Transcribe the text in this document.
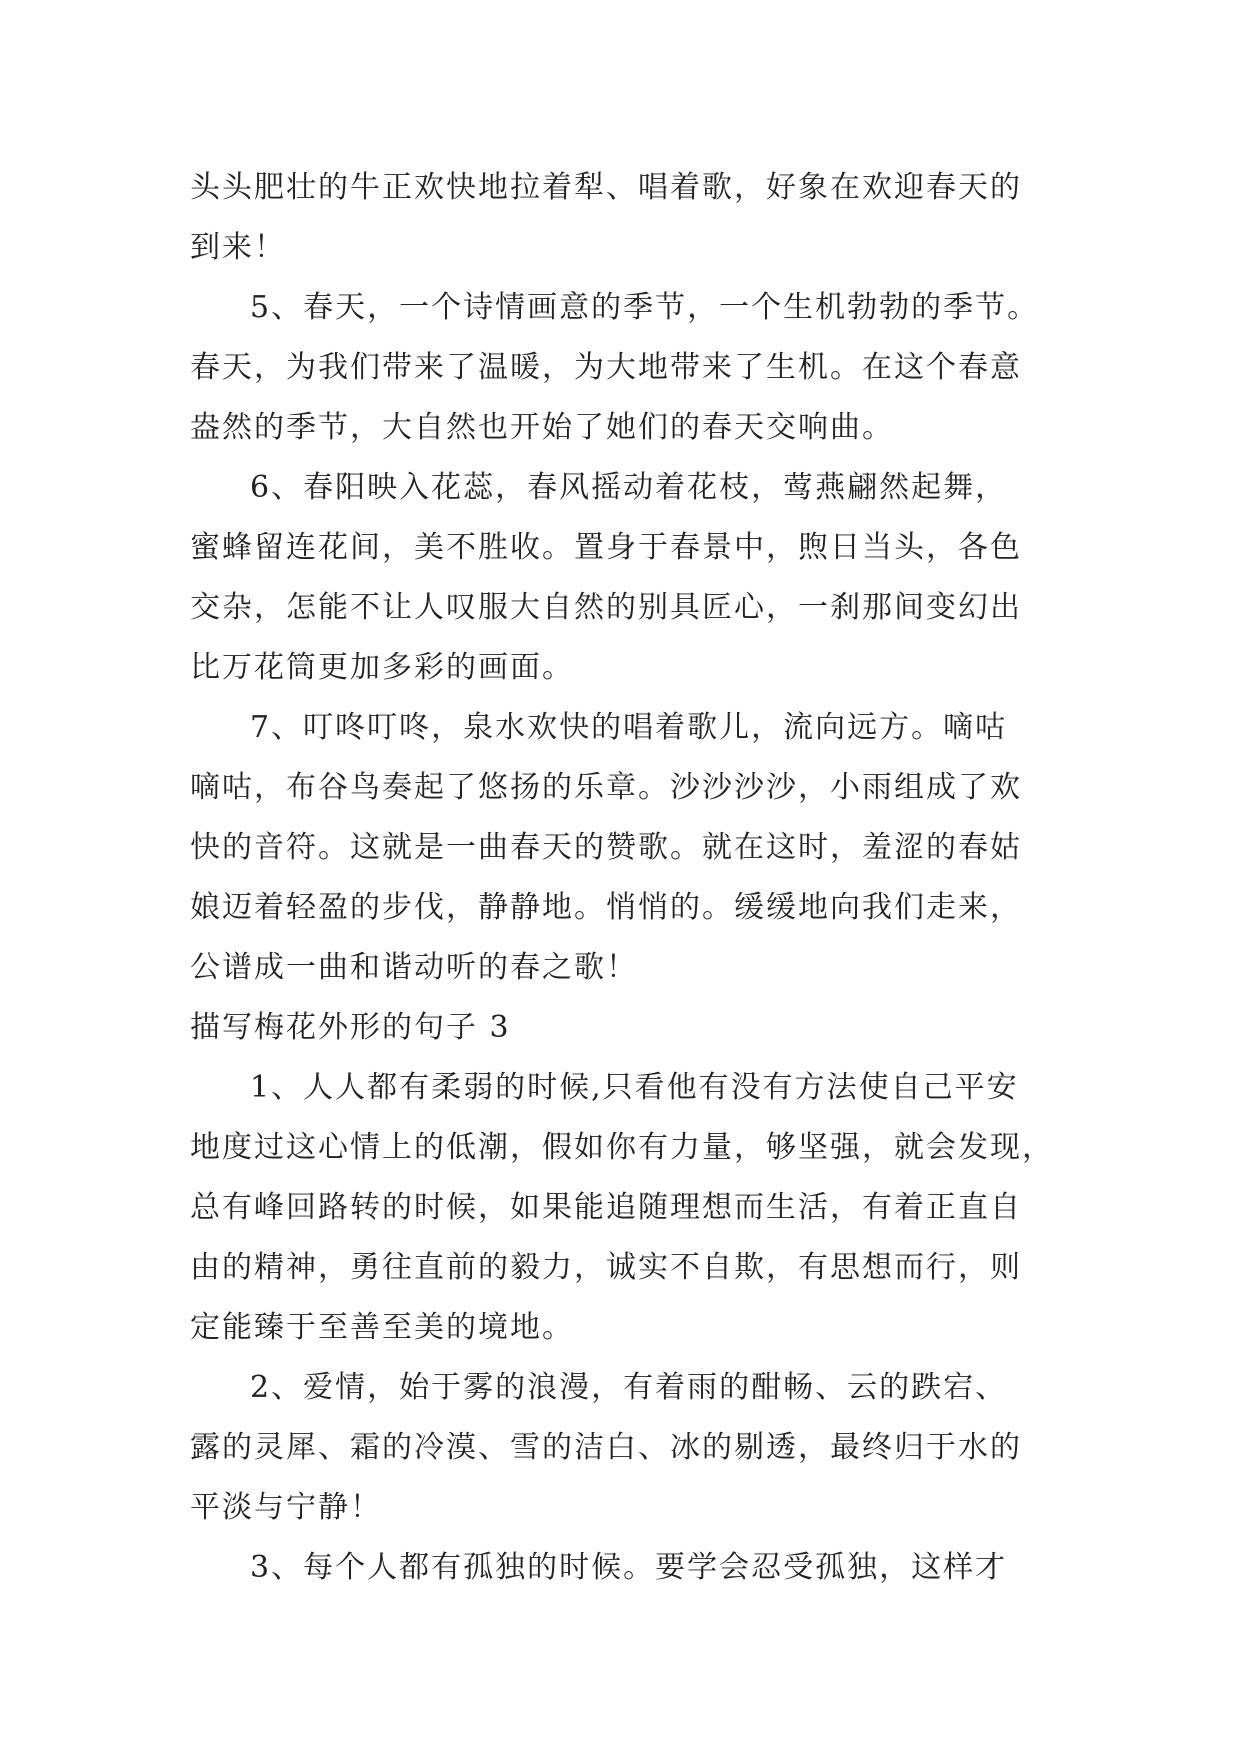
头头肥壮的牛正欢快地拉着犁、唱着歌，好象在欢迎春天的
到来！
5、春天，一个诗情画意的季节，一个生机勃勃的季节。
春天，为我们带来了温暖，为大地带来了生机。在这个春意
盎然的季节，大自然也开始了她们的春天交响曲。
6、春阳映入花蕊，春风摇动着花枝，莺燕翩然起舞，
蜜蜂留连花间，美不胜收。置身于春景中，煦日当头，各色
交杂，怎能不让人叹服大自然的别具匠心，一刹那间变幻出
比万花筒更加多彩的画面。
7、叮咚叮咚，泉水欢快的唱着歌儿，流向远方。嘀咕
嘀咕，布谷鸟奏起了悠扬的乐章。沙沙沙沙，小雨组成了欢
快的音符。这就是一曲春天的赞歌。就在这时，羞涩的春姑
娘迈着轻盈的步伐，静静地。悄悄的。缓缓地向我们走来，
公谱成一曲和谐动听的春之歌！
描写梅花外形的句子 3
1、人人都有柔弱的时候,只看他有没有方法使自己平安
地度过这心情上的低潮，假如你有力量，够坚强，就会发现，
总有峰回路转的时候，如果能追随理想而生活，有着正直自
由的精神，勇往直前的毅力，诚实不自欺，有思想而行，则
定能臻于至善至美的境地。
2、爱情，始于雾的浪漫，有着雨的酣畅、云的跌宕、
露的灵犀、霜的冷漠、雪的洁白、冰的剔透，最终归于水的
平淡与宁静！
3、每个人都有孤独的时候。要学会忍受孤独，这样才
